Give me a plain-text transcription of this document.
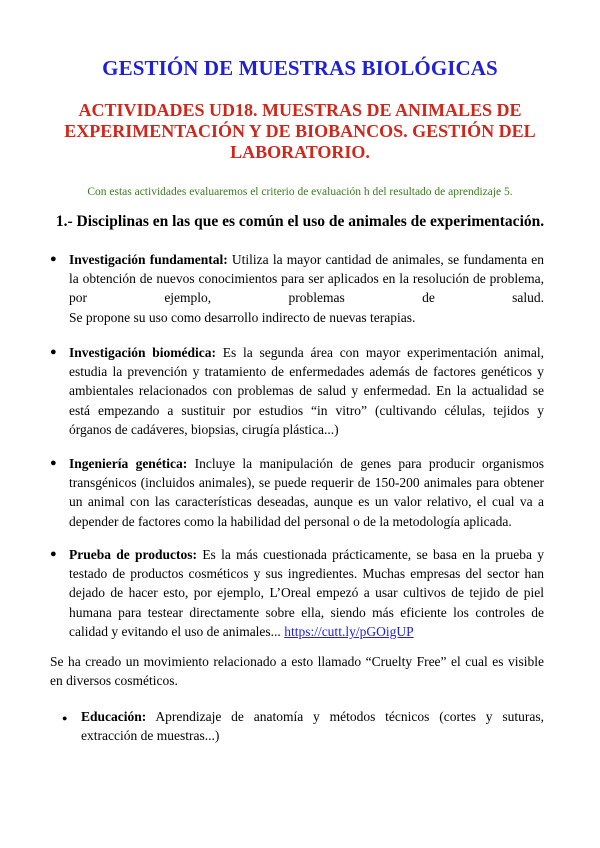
GESTIÓN DE MUESTRAS BIOLÓGICAS
ACTIVIDADES UD18. MUESTRAS DE ANIMALES DE
EXPERIMENTACIÓN Y DE BIOBANCOS. GESTIÓN DEL
LABORATORIO.
Con estas actividades evaluaremos el criterio de evaluación h del resultado de aprendizaje 5.
1.- Disciplinas en las que es común el uso de animales de experimentación.
● Investigación fundamental: Utiliza la mayor cantidad de animales, se fundamenta en
la obtención de nuevos conocimientos para ser aplicados en la resolución de problema,
por	ejemplo,	problemas	de	salud.
Se propone su uso como desarrollo indirecto de nuevas terapias.
● Investigación biomédica: Es la segunda área con mayor experimentación animal,
estudia la prevención y tratamiento de enfermedades además de factores genéticos y
ambientales relacionados con problemas de salud y enfermedad. En la actualidad se
está empezando a sustituir por estudios “in vitro” (cultivando células, tejidos y
órganos de cadáveres, biopsias, cirugía plástica...)
● Ingeniería genética: Incluye la manipulación de genes para producir organismos
transgénicos (incluidos animales), se puede requerir de 150-200 animales para obtener
un animal con las características deseadas, aunque es un valor relativo, el cual va a
depender de factores como la habilidad del personal o de la metodología aplicada.
● Prueba de productos: Es la más cuestionada prácticamente, se basa en la prueba y
testado de productos cosméticos y sus ingredientes. Muchas empresas del sector han
dejado de hacer esto, por ejemplo, L’Oreal empezó a usar cultivos de tejido de piel
humana para testear directamente sobre ella, siendo más eficiente los controles de
calidad y evitando el uso de animales... https://cutt.ly/pGOigUP
Se ha creado un movimiento relacionado a esto llamado “Cruelty Free” el cual es visible
en diversos cosméticos.
● Educación: Aprendizaje de anatomía y métodos técnicos (cortes y suturas,
extracción de muestras...)
